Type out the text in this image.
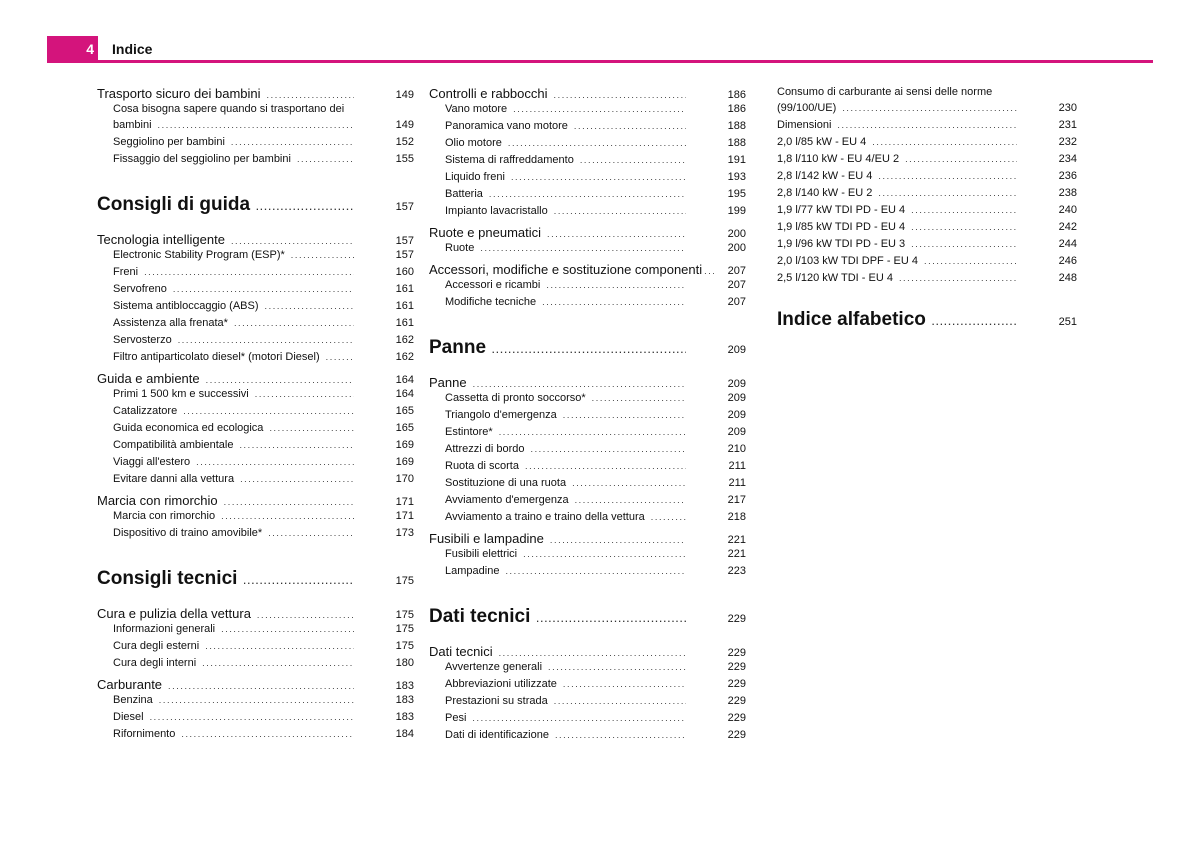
4 Indice
Trasporto sicuro dei bambini .....	149
Cosa bisogna sapere quando si trasportano dei
bambini .....	149
Seggiolino per bambini .....	152
Fissaggio del seggiolino per bambini .....	155
Consigli di guida .....	157
Tecnologia intelligente .....	157
Electronic Stability Program (ESP)* .....	157
Freni .....	160
Servofreno .....	161
Sistema antibloccaggio (ABS) .....	161
Assistenza alla frenata* .....	161
Servosterzo .....	162
Filtro antiparticolato diesel* (motori Diesel) .....	162
Guida e ambiente .....	164
Primi 1 500 km e successivi .....	164
Catalizzatore .....	165
Guida economica ed ecologica .....	165
Compatibilità ambientale .....	169
Viaggi all'estero .....	169
Evitare danni alla vettura .....	170
Marcia con rimorchio .....	171
Marcia con rimorchio .....	171
Dispositivo di traino amovibile* .....	173
Consigli tecnici .....	175
Cura e pulizia della vettura .....	175
Informazioni generali .....	175
Cura degli esterni .....	175
Cura degli interni .....	180
Carburante .....	183
Benzina .....	183
Diesel .....	183
Rifornimento .....	184
Controlli e rabbocchi .....	186
Vano motore .....	186
Panoramica vano motore .....	188
Olio motore .....	188
Sistema di raffreddamento .....	191
Liquido freni .....	193
Batteria .....	195
Impianto lavacristallo .....	199
Ruote e pneumatici .....	200
Ruote .....	200
Accessori, modifiche e sostituzione componenti .....	207
Accessori e ricambi .....	207
Modifiche tecniche .....	207
Panne .....	209
Panne .....	209
Cassetta di pronto soccorso* .....	209
Triangolo d'emergenza .....	209
Estintore* .....	209
Attrezzi di bordo .....	210
Ruota di scorta .....	211
Sostituzione di una ruota .....	211
Avviamento d'emergenza .....	217
Avviamento a traino e traino della vettura .....	218
Fusibili e lampadine .....	221
Fusibili elettrici .....	221
Lampadine .....	223
Dati tecnici .....	229
Dati tecnici .....	229
Avvertenze generali .....	229
Abbreviazioni utilizzate .....	229
Prestazioni su strada .....	229
Pesi .....	229
Dati di identificazione .....	229
Consumo di carburante ai sensi delle norme
(99/100/UE) .....	230
Dimensioni .....	231
2,0 l/85 kW - EU 4 .....	232
1,8 l/110 kW - EU 4/EU 2 .....	234
2,8 l/142 kW - EU 4 .....	236
2,8 l/140 kW - EU 2 .....	238
1,9 l/77 kW TDI PD - EU 4 .....	240
1,9 l/85 kW TDI PD - EU 4 .....	242
1,9 l/96 kW TDI PD - EU 3 .....	244
2,0 l/103 kW TDI DPF - EU 4 .....	246
2,5 l/120 kW TDI - EU 4 .....	248
Indice alfabetico .....	251
